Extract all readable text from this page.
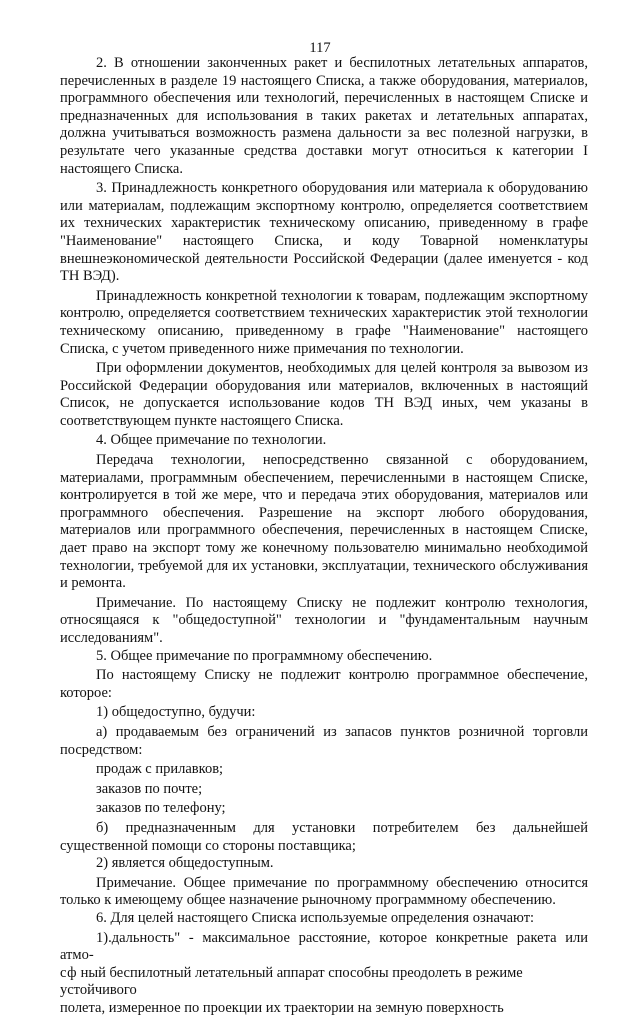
117

2. В отношении законченных ракет и беспилотных летательных аппаратов, перечисленных в разделе 19 настоящего Списка, а также оборудования, материалов, программного обеспечения или технологий, перечисленных в настоящем Списке и предназначенных для использования в таких ракетах и летательных аппаратах, должна учитываться возможность размена дальности за вес полезной нагрузки, в результате чего указанные средства доставки могут относиться к категории I настоящего Списка.

3. Принадлежность конкретного оборудования или материала к оборудованию или материалам, подлежащим экспортному контролю, определяется соответствием их технических характеристик техническому описанию, приведенному в графе "Наименование" настоящего Списка, и коду Товарной номенклатуры внешнеэкономической деятельности Российской Федерации (далее именуется - код ТН ВЭД).

Принадлежность конкретной технологии к товарам, подлежащим экспортному контролю, определяется соответствием технических характеристик этой технологии техническому описанию, приведенному в графе "Наименование" настоящего Списка, с учетом приведенного ниже примечания по технологии.

При оформлении документов, необходимых для целей контроля за вывозом из Российской Федерации оборудования или материалов, включенных в настоящий Список, не допускается использование кодов ТН ВЭД иных, чем указаны в соответствующем пункте настоящего Списка.

4. Общее примечание по технологии.

Передача технологии, непосредственно связанной с оборудованием, материалами, программным обеспечением, перечисленными в настоящем Списке, контролируется в той же мере, что и передача этих оборудования, материалов или программного обеспечения. Разрешение на экспорт любого оборудования, материалов или программного обеспечения, перечисленных в настоящем Списке, дает право на экспорт тому же конечному пользователю минимально необходимой технологии, требуемой для их установки, эксплуатации, технического обслуживания и ремонта.

Примечание. По настоящему Списку не подлежит контролю технология, относящаяся к "общедоступной" технологии и "фундаментальным научным исследованиям".

5. Общее примечание по программному обеспечению.

По настоящему Списку не подлежит контролю программное обеспечение, которое:

1) общедоступно, будучи:

а) продаваемым без ограничений из запасов пунктов розничной торговли посредством:

продаж с прилавков;

заказов по почте;

заказов по телефону;

б) предназначенным для установки потребителем без дальнейшей существенной помощи со стороны поставщика;

2) является общедоступным.

Примечание. Общее примечание по программному обеспечению относится только к имеющему общее назначение рыночному программному обеспечению.

6. Для целей настоящего Списка используемые определения означают:

1).дальность" - максимальное расстояние, которое конкретные ракета или атмо-

сф ный беспилотный летательный аппарат способны преодолеть в режиме устойчивого

полета, измеренное по проекции их траектории на земную поверхность
